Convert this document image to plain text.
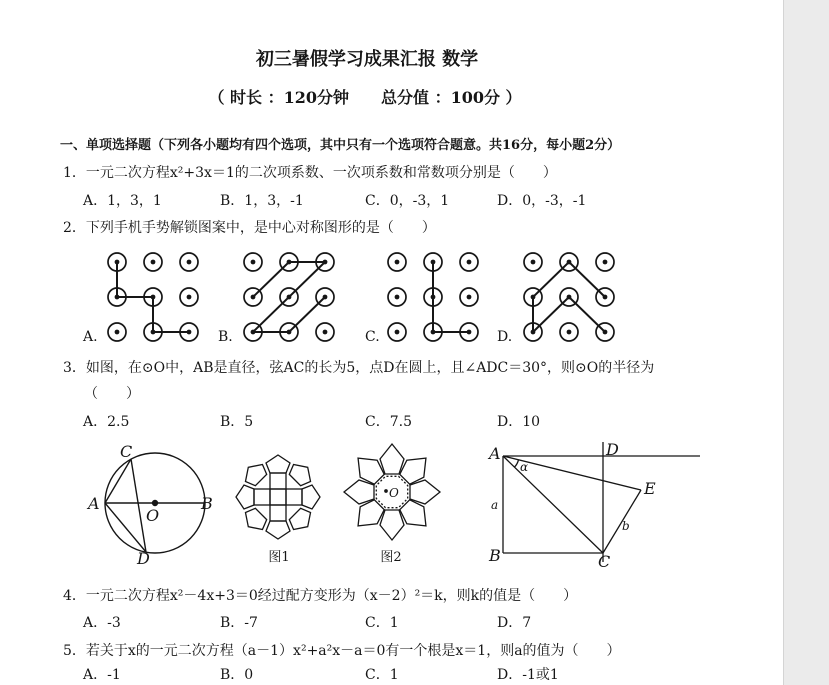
C
A
O
B
D	图1
O
图2
A	D
α
E
a
b
B	C
初三暑假学习成果汇报 数学
（ 时长 ：120分钟　　总分值 ：100分 ）
一、单项选择题（下列各小题均有四个选项，其中只有一个选项符合题意。共16分，每小题2分）
1．一元二次方程x²+3x＝1的二次项系数、一次项系数和常数项分别是（　　）
A．1，3，1	B．1，3，-1	C．0，-3，1	D．0，-3，-1
2．下列手机手势解锁图案中，是中心对称图形的是（　　）
A.	B.	C.	D.
3．如图，在⊙O中，AB是直径，弦AC的长为5，点D在圆上，且∠ADC＝30°，则⊙O的半径为
（　　）
A．2.5	B．5	C．7.5	D．10
4．一元二次方程x²－4x+3＝0经过配方变形为（x－2）²＝k，则k的值是（　　）
A．-3	B．-7	C．1	D．7
5．若关于x的一元二次方程（a－1）x²+a²x－a＝0有一个根是x＝1，则a的值为（　　）
A．-1	B．0	C．1	D．-1或1
